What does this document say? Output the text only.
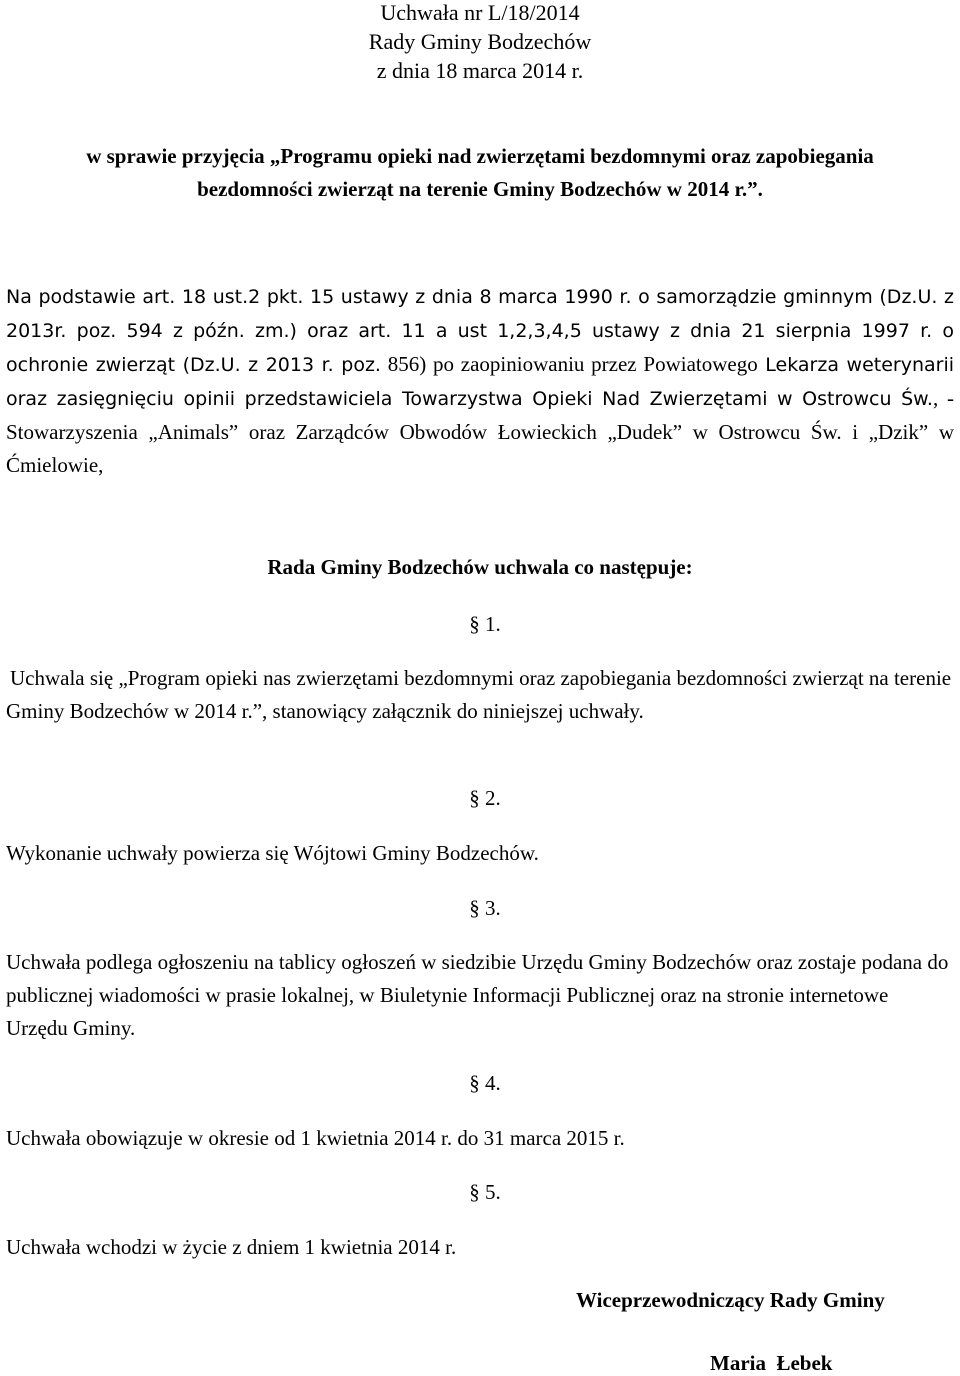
Uchwała nr L/18/2014
Rady Gminy Bodzechów
z dnia 18 marca 2014 r.
w sprawie przyjęcia „Programu opieki nad zwierzętami bezdomnymi oraz zapobiegania
bezdomności zwierząt na terenie Gminy Bodzechów w 2014 r.”.
Na podstawie art. 18 ust.2 pkt. 15 ustawy z dnia 8 marca 1990 r. o samorządzie gminnym (Dz.U. z 2013r. poz. 594 z późn. zm.) oraz art. 11 a ust 1,2,3,4,5 ustawy z dnia 21 sierpnia 1997 r. o ochronie zwierząt (Dz.U. z 2013 r. poz. 856) po zaopiniowaniu przez Powiatowego Lekarza weterynarii oraz zasięgnięciu opinii przedstawiciela Towarzystwa Opieki Nad Zwierzętami w Ostrowcu Św., - Stowarzyszenia „Animals” oraz Zarządców Obwodów Łowieckich „Dudek” w Ostrowcu Św. i „Dzik” w Ćmielowie,
Rada Gminy Bodzechów uchwala co następuje:
§ 1.
Uchwala się „Program opieki nas zwierzętami bezdomnymi oraz zapobiegania bezdomności zwierząt na terenie Gminy Bodzechów w 2014 r.”, stanowiący załącznik do niniejszej uchwały.
§ 2.
Wykonanie uchwały powierza się Wójtowi Gminy Bodzechów.
§ 3.
Uchwała podlega ogłoszeniu na tablicy ogłoszeń w siedzibie Urzędu Gminy Bodzechów oraz zostaje podana do publicznej wiadomości w prasie lokalnej, w Biuletynie Informacji Publicznej oraz na stronie internetowe Urzędu Gminy.
§ 4.
Uchwała obowiązuje w okresie od 1 kwietnia 2014 r. do 31 marca 2015 r.
§ 5.
Uchwała wchodzi w życie z dniem 1 kwietnia 2014 r.
Wiceprzewodniczący Rady Gminy
Maria  Łebek
